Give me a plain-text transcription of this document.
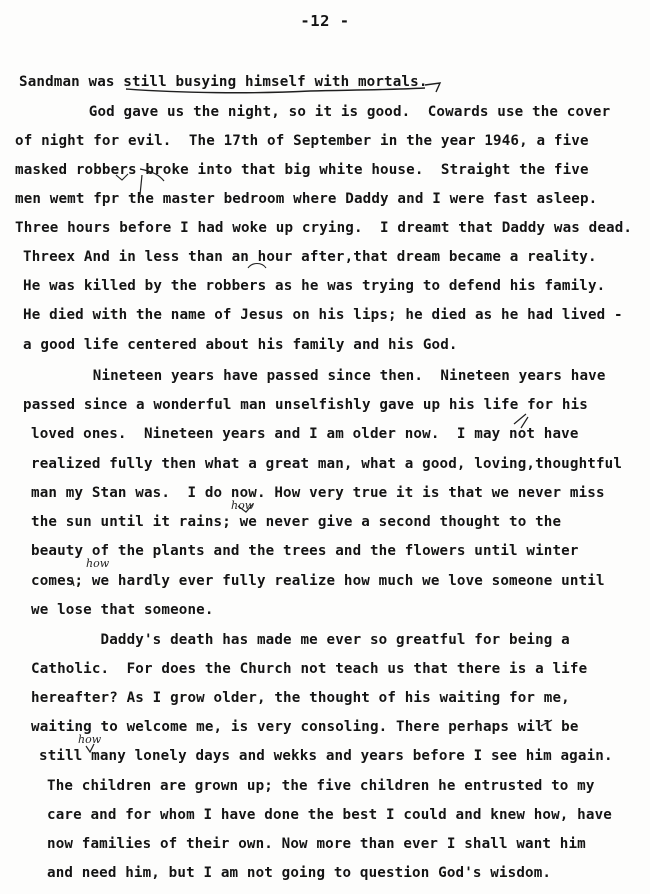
-12 -
Sandman was still busying himself with mortals.
God gave us the night, so it is good.  Cowards use the cover
of night for evil.  The 17th of September in the year 1946, a five
masked robbers broke into that big white house.  Straight the five
men wemt fpr the master bedroom where Daddy and I were fast asleep.
Three hours before I had woke up crying.  I dreamt that Daddy was dead.
Threex And in less than an hour after,that dream became a reality.
He was killed by the robbers as he was trying to defend his family.
He died with the name of Jesus on his lips; he died as he had lived -
a good life centered about his family and his God.
Nineteen years have passed since then.  Nineteen years have
passed since a wonderful man unselfishly gave up his life for his
loved ones.  Nineteen years and I am older now.  I may not have
realized fully then what a great man, what a good, loving,thoughtful
man my Stan was.  I do now. How very true it is that we never miss
the sun until it rains; we never give a second thought to the
beauty of the plants and the trees and the flowers until winter
comes; we hardly ever fully realize how much we love someone until
we lose that someone.
Daddy's death has made me ever so greatful for being a
Catholic.  For does the Church not teach us that there is a life
hereafter? As I grow older, the thought of his waiting for me,
waiting to welcome me, is very consoling. There perhaps will be
still many lonely days and wekks and years before I see him again.
The children are grown up; the five children he entrusted to my
care and for whom I have done the best I could and knew how, have
now families of their own. Now more than ever I shall want him
and need him, but I am not going to question God's wisdom.
how
how
how
